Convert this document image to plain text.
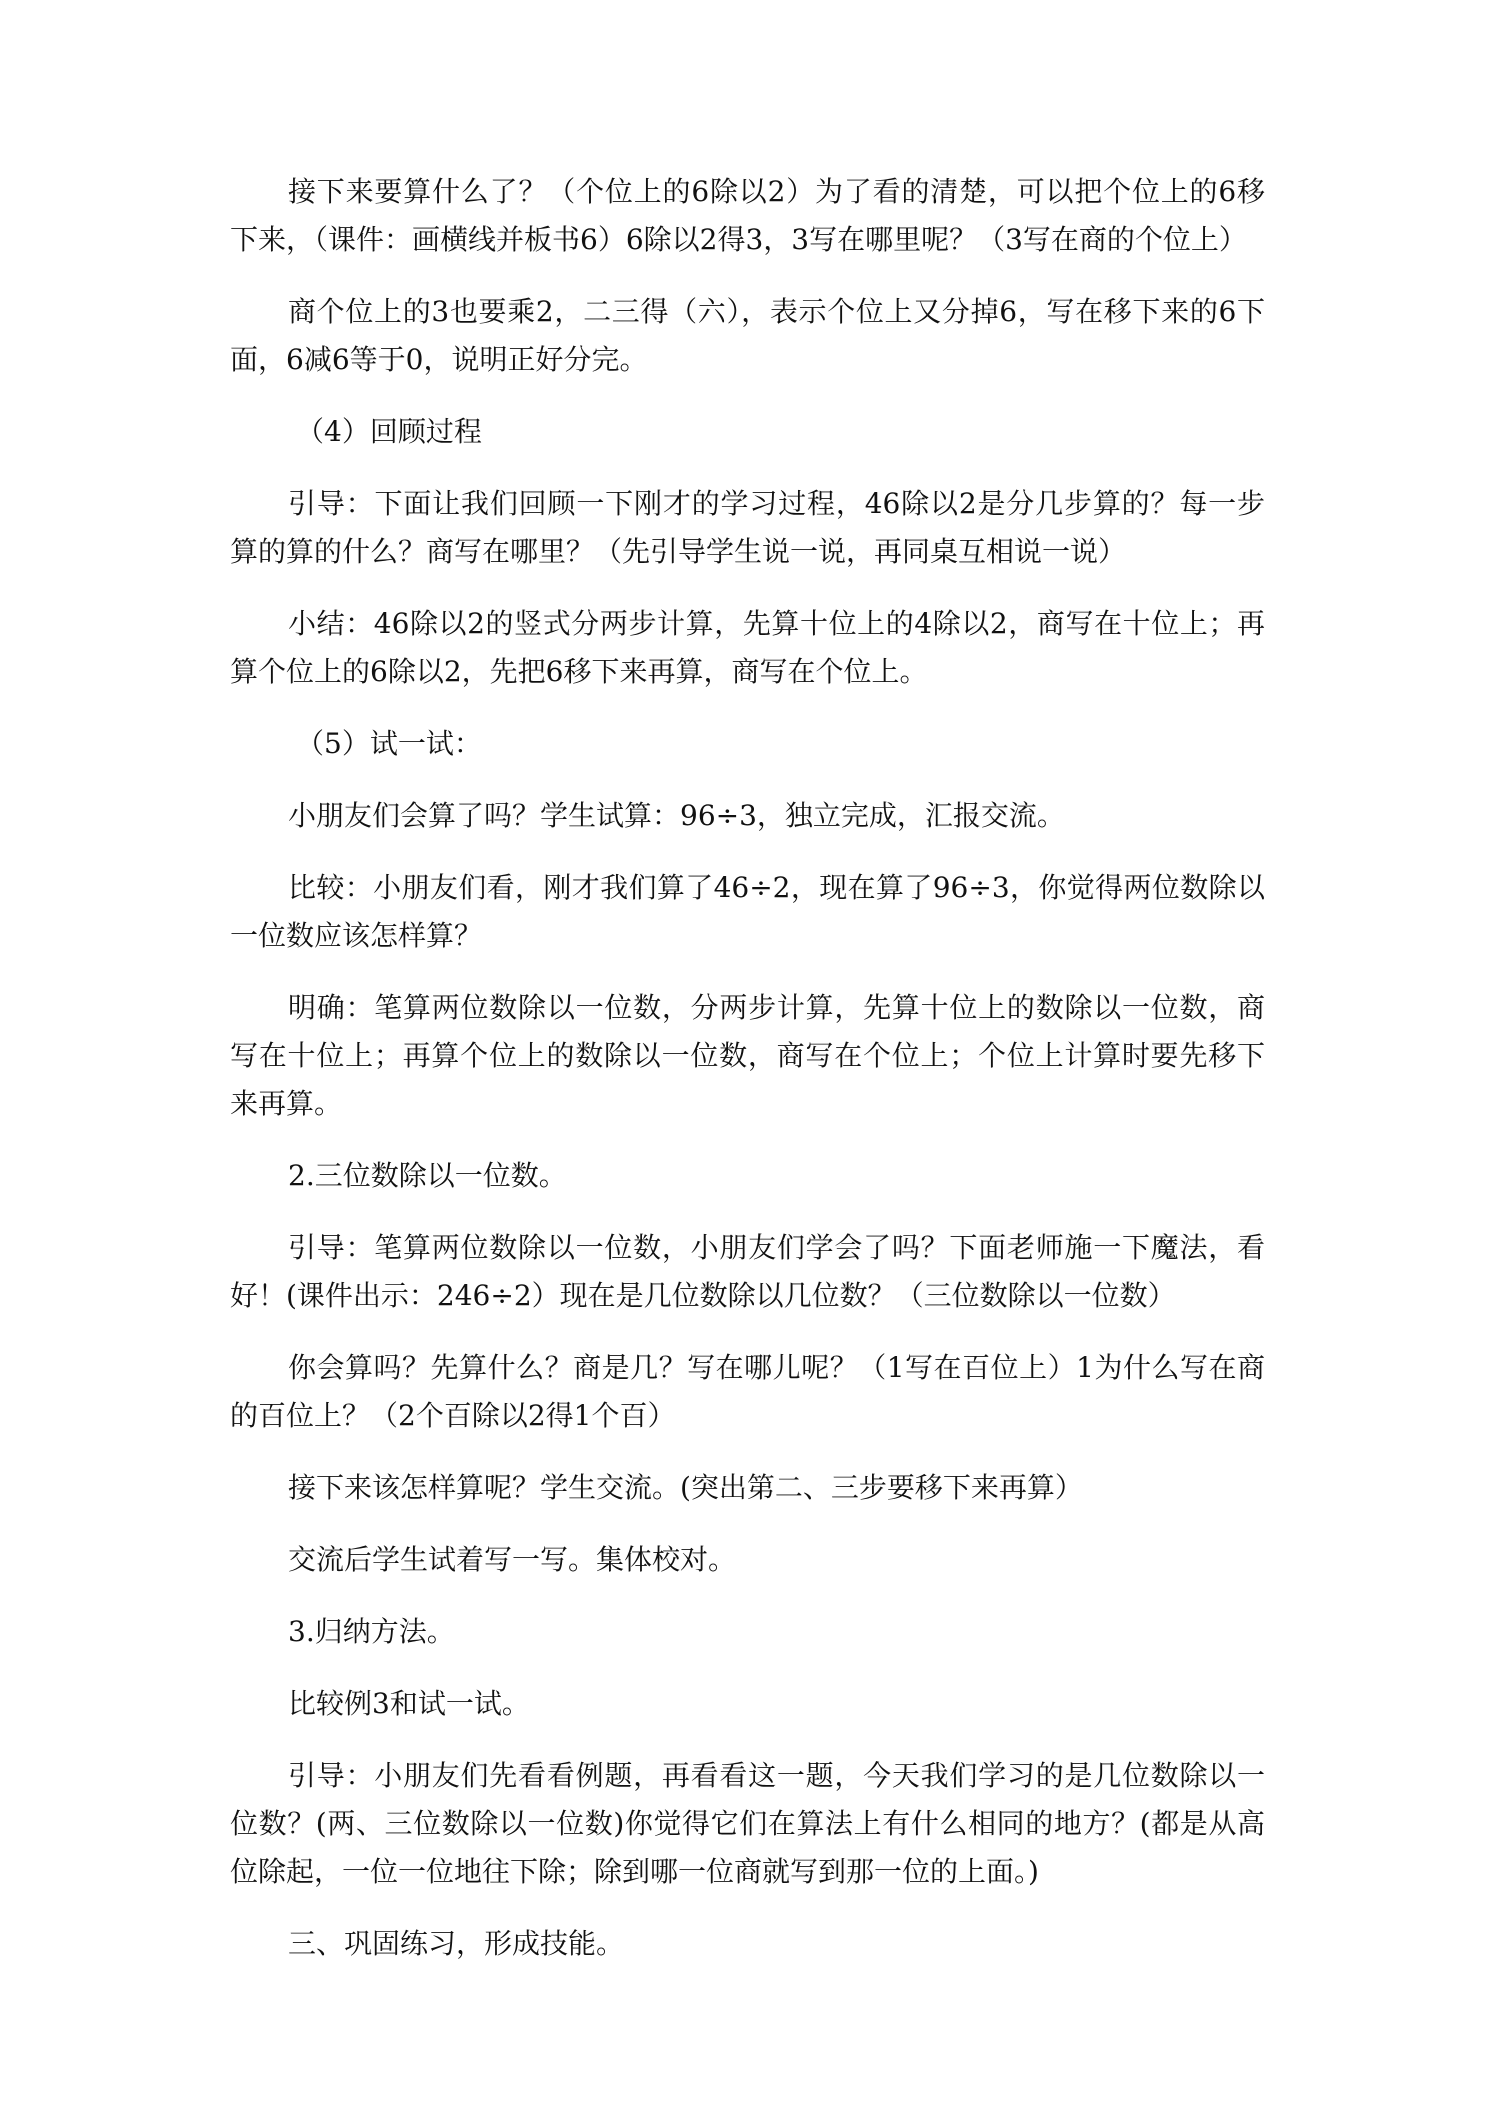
接下来要算什么了？（个位上的6除以2）为了看的清楚，可以把个位上的6移下来，（课件：画横线并板书6）6除以2得3，3写在哪里呢？（3写在商的个位上）

商个位上的3也要乘2，二三得（六），表示个位上又分掉6，写在移下来的6下面，6减6等于0，说明正好分完。

（4）回顾过程

引导：下面让我们回顾一下刚才的学习过程，46除以2是分几步算的？每一步算的算的什么？商写在哪里？（先引导学生说一说，再同桌互相说一说）

小结：46除以2的竖式分两步计算，先算十位上的4除以2，商写在十位上；再算个位上的6除以2，先把6移下来再算，商写在个位上。

（5）试一试：

小朋友们会算了吗？学生试算：96÷3，独立完成，汇报交流。

比较：小朋友们看，刚才我们算了46÷2，现在算了96÷3，你觉得两位数除以一位数应该怎样算？

明确：笔算两位数除以一位数，分两步计算，先算十位上的数除以一位数，商写在十位上；再算个位上的数除以一位数，商写在个位上；个位上计算时要先移下来再算。

2.三位数除以一位数。

引导：笔算两位数除以一位数，小朋友们学会了吗？下面老师施一下魔法，看好！(课件出示：246÷2）现在是几位数除以几位数？（三位数除以一位数）

你会算吗？先算什么？商是几？写在哪儿呢？（1写在百位上）1为什么写在商的百位上？（2个百除以2得1个百）

接下来该怎样算呢？学生交流。(突出第二、三步要移下来再算）

交流后学生试着写一写。集体校对。

3.归纳方法。

比较例3和试一试。

引导：小朋友们先看看例题，再看看这一题，今天我们学习的是几位数除以一位数？(两、三位数除以一位数)你觉得它们在算法上有什么相同的地方？(都是从高位除起，一位一位地往下除；除到哪一位商就写到那一位的上面。)

三、巩固练习，形成技能。
